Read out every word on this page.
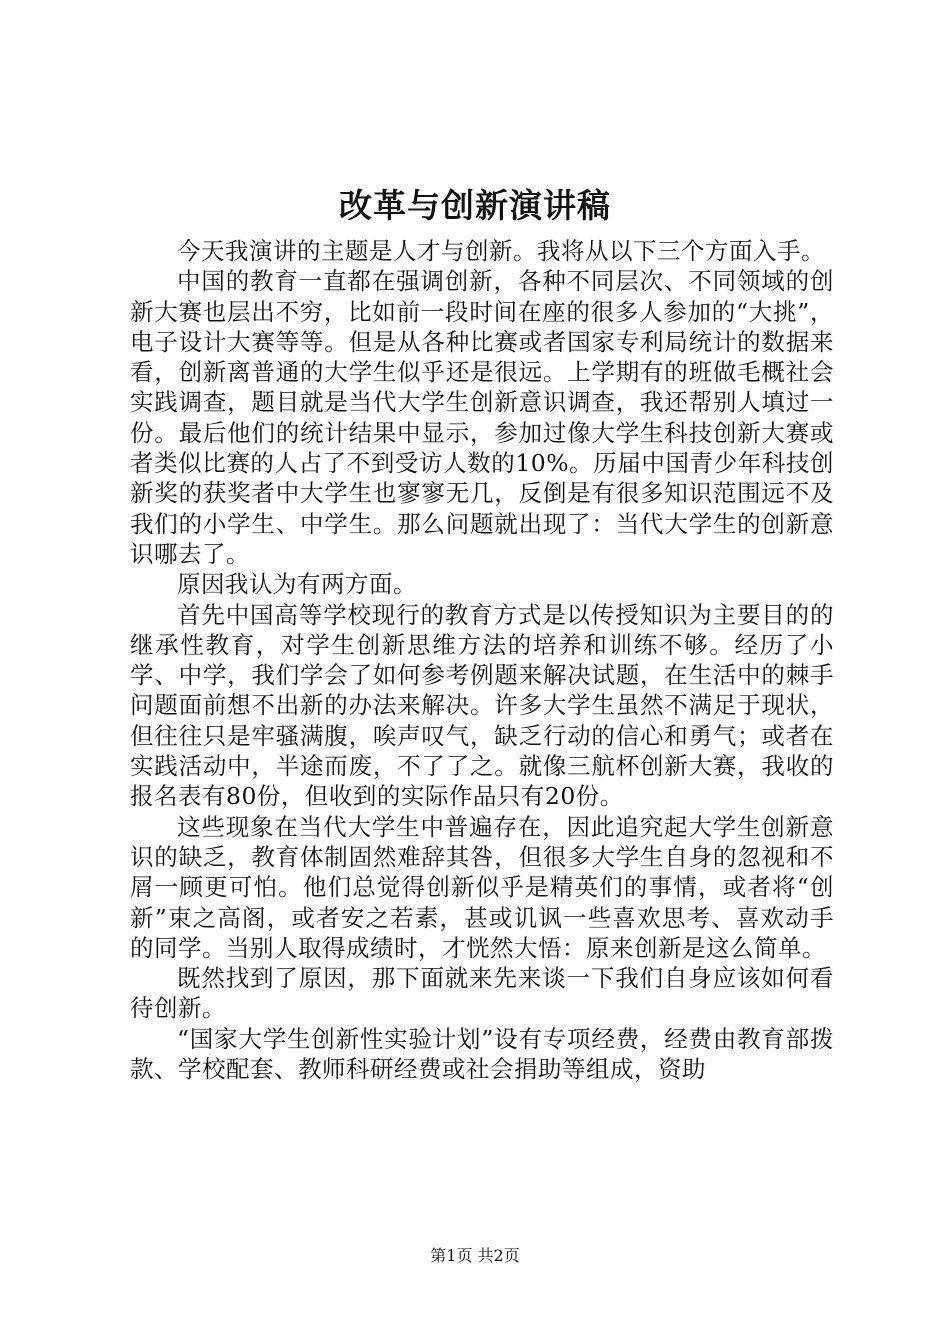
改革与创新演讲稿

今天我演讲的主题是人才与创新。我将从以下三个方面入手。

中国的教育一直都在强调创新，各种不同层次、不同领域的创新大赛也层出不穷，比如前一段时间在座的很多人参加的“大挑”，电子设计大赛等等。但是从各种比赛或者国家专利局统计的数据来看，创新离普通的大学生似乎还是很远。上学期有的班做毛概社会实践调查，题目就是当代大学生创新意识调查，我还帮别人填过一份。最后他们的统计结果中显示，参加过像大学生科技创新大赛或者类似比赛的人占了不到受访人数的10%。历届中国青少年科技创新奖的获奖者中大学生也寥寥无几，反倒是有很多知识范围远不及我们的小学生、中学生。那么问题就出现了：当代大学生的创新意识哪去了。

原因我认为有两方面。

首先中国高等学校现行的教育方式是以传授知识为主要目的的继承性教育，对学生创新思维方法的培养和训练不够。经历了小学、中学，我们学会了如何参考例题来解决试题，在生活中的棘手问题面前想不出新的办法来解决。许多大学生虽然不满足于现状，但往往只是牢骚满腹，唉声叹气，缺乏行动的信心和勇气；或者在实践活动中，半途而废，不了了之。就像三航杯创新大赛，我收的报名表有80份，但收到的实际作品只有20份。

这些现象在当代大学生中普遍存在，因此追究起大学生创新意识的缺乏，教育体制固然难辞其咎，但很多大学生自身的忽视和不屑一顾更可怕。他们总觉得创新似乎是精英们的事情，或者将“创新”束之高阁，或者安之若素，甚或讥讽一些喜欢思考、喜欢动手的同学。当别人取得成绩时，才恍然大悟：原来创新是这么简单。

既然找到了原因，那下面就来先来谈一下我们自身应该如何看待创新。

“国家大学生创新性实验计划”设有专项经费，经费由教育部拨款、学校配套、教师科研经费或社会捐助等组成，资助

第1页 共2页
